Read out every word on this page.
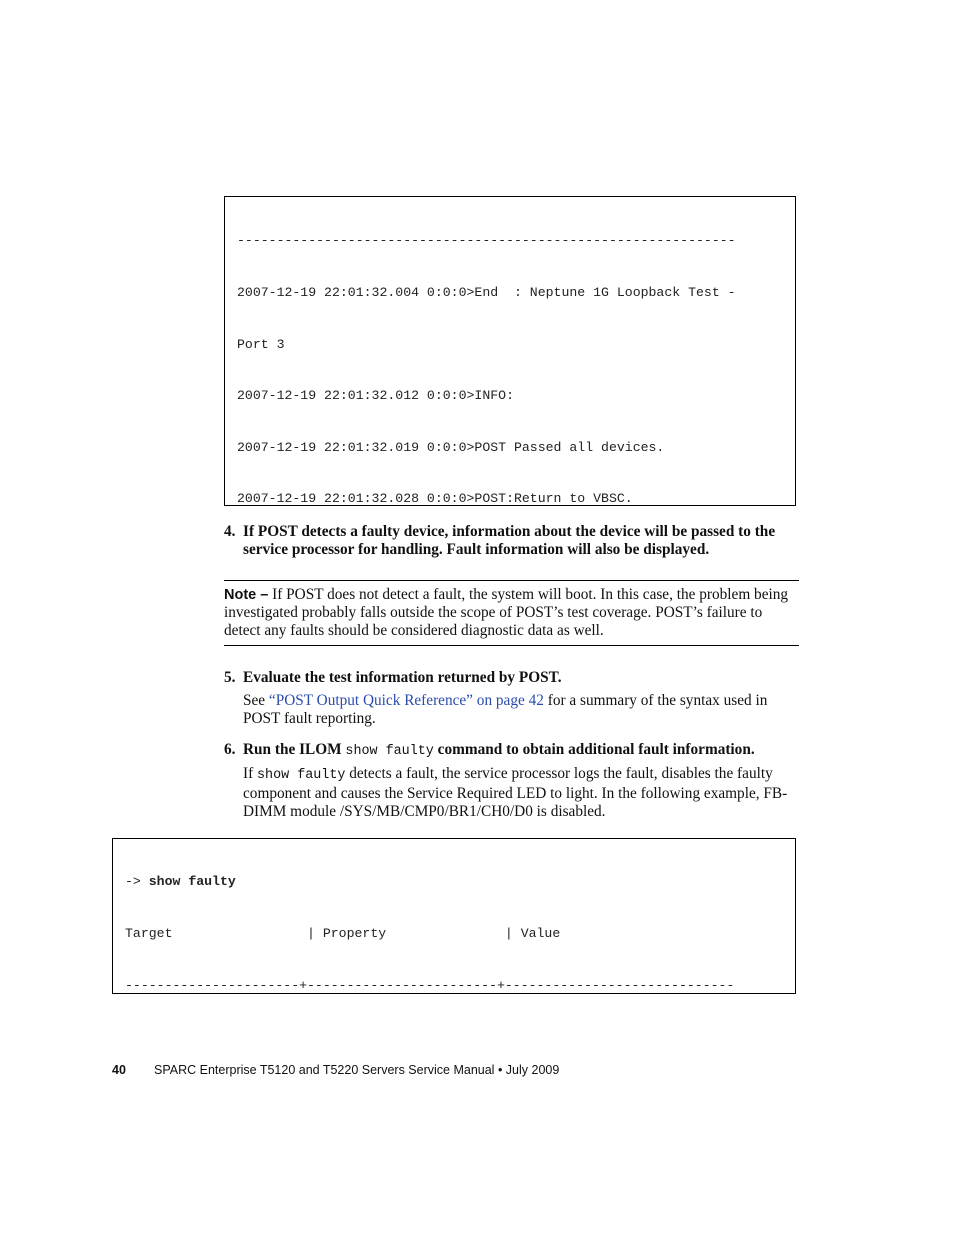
---------------------------------------------------------------

2007-12-19 22:01:32.004 0:0:0>End  : Neptune 1G Loopback Test -

Port 3

2007-12-19 22:01:32.012 0:0:0>INFO:

2007-12-19 22:01:32.019 0:0:0>POST Passed all devices.

2007-12-19 22:01:32.028 0:0:0>POST:Return to VBSC.

4. If POST detects a faulty device, information about the device will be passed to the service processor for handling. Fault information will also be displayed.
Note – If POST does not detect a fault, the system will boot. In this case, the problem being investigated probably falls outside the scope of POST’s test coverage. POST’s failure to detect any faults should be considered diagnostic data as well.
5. Evaluate the test information returned by POST.
See “POST Output Quick Reference” on page 42 for a summary of the syntax used in POST fault reporting.
6. Run the ILOM show faulty command to obtain additional fault information.
If show faulty detects a fault, the service processor logs the fault, disables the faulty component and causes the Service Required LED to light. In the following example, FB-DIMM module /SYS/MB/CMP0/BR1/CH0/D0 is disabled.

-> show faulty

Target                 | Property               | Value

----------------------+------------------------+-----------------------------

40 SPARC Enterprise T5120 and T5220 Servers Service Manual • July 2009
